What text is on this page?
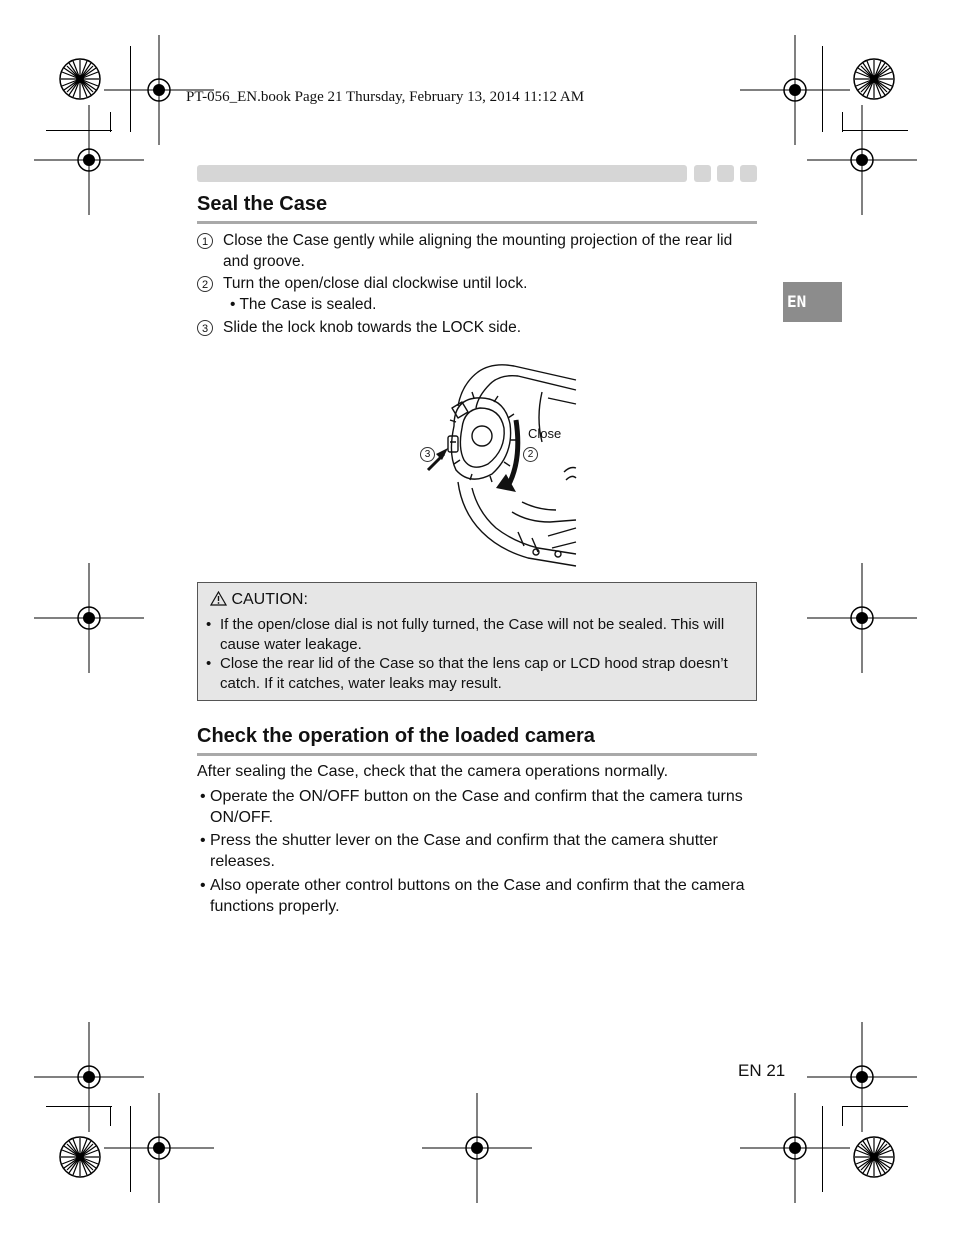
PT-056_EN.book Page 21 Thursday, February 13, 2014 11:12 AM
EN
Seal the Case
1 Close the Case gently while aligning the mounting projection of the rear lid and groove.
2 Turn the open/close dial clockwise until lock.
• The Case is sealed.
3 Slide the lock knob towards the LOCK side.
Close
3	2
CAUTION:
• If the open/close dial is not fully turned, the Case will not be sealed. This will cause water leakage.
• Close the rear lid of the Case so that the lens cap or LCD hood strap doesn’t catch. If it catches, water leaks may result.
Check the operation of the loaded camera
After sealing the Case, check that the camera operations normally.
• Operate the ON/OFF button on the Case and confirm that the camera turns ON/OFF.
• Press the shutter lever on the Case and confirm that the camera shutter releases.
• Also operate other control buttons on the Case and confirm that the camera functions properly.
EN 21
